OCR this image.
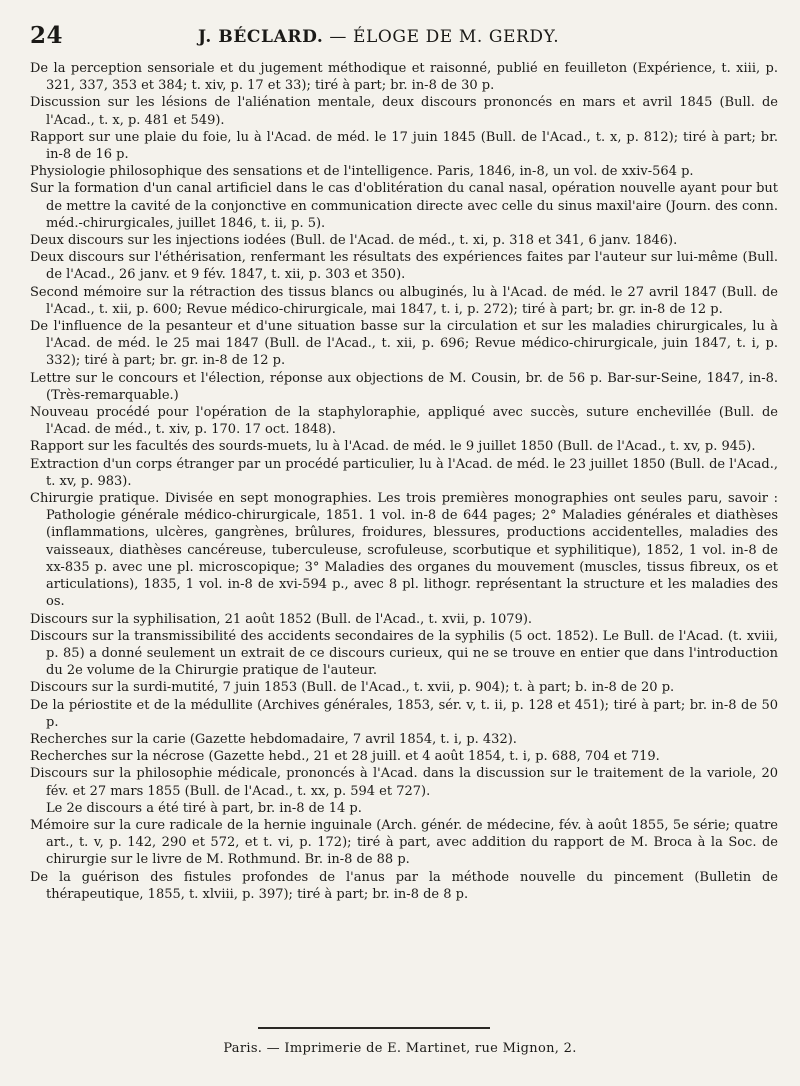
24	J. BÉCLARD. — ÉLOGE DE M. GERDY.

De la perception sensoriale et du jugement méthodique et raisonné, publié en feuilleton (Expérience, t. xiii, p. 321, 337, 353 et 384; t. xiv, p. 17 et 33); tiré à part; br. in-8 de 30 p.

Discussion sur les lésions de l'aliénation mentale, deux discours prononcés en mars et avril 1845 (Bull. de l'Acad., t. x, p. 481 et 549).

Rapport sur une plaie du foie, lu à l'Acad. de méd. le 17 juin 1845 (Bull. de l'Acad., t. x, p. 812); tiré à part; br. in-8 de 16 p.

Physiologie philosophique des sensations et de l'intelligence. Paris, 1846, in-8, un vol. de xxiv-564 p.

Sur la formation d'un canal artificiel dans le cas d'oblitération du canal nasal, opération nouvelle ayant pour but de mettre la cavité de la conjonctive en communication directe avec celle du sinus maxil'aire (Journ. des conn. méd.-chirurgicales, juillet 1846, t. ii, p. 5).

Deux discours sur les injections iodées (Bull. de l'Acad. de méd., t. xi, p. 318 et 341, 6 janv. 1846).

Deux discours sur l'éthérisation, renfermant les résultats des expériences faites par l'auteur sur lui-même (Bull. de l'Acad., 26 janv. et 9 fév. 1847, t. xii, p. 303 et 350).

Second mémoire sur la rétraction des tissus blancs ou albuginés, lu à l'Acad. de méd. le 27 avril 1847 (Bull. de l'Acad., t. xii, p. 600; Revue médico-chirurgicale, mai 1847, t. i, p. 272); tiré à part; br. gr. in-8 de 12 p.

De l'influence de la pesanteur et d'une situation basse sur la circulation et sur les maladies chirurgicales, lu à l'Acad. de méd. le 25 mai 1847 (Bull. de l'Acad., t. xii, p. 696; Revue médico-chirurgicale, juin 1847, t. i, p. 332); tiré à part; br. gr. in-8 de 12 p.

Lettre sur le concours et l'élection, réponse aux objections de M. Cousin, br. de 56 p. Bar-sur-Seine, 1847, in-8. (Très-remarquable.)

Nouveau procédé pour l'opération de la staphyloraphie, appliqué avec succès, suture enchevillée (Bull. de l'Acad. de méd., t. xiv, p. 170. 17 oct. 1848).

Rapport sur les facultés des sourds-muets, lu à l'Acad. de méd. le 9 juillet 1850 (Bull. de l'Acad., t. xv, p. 945).

Extraction d'un corps étranger par un procédé particulier, lu à l'Acad. de méd. le 23 juillet 1850 (Bull. de l'Acad., t. xv, p. 983).

Chirurgie pratique. Divisée en sept monographies. Les trois premières monographies ont seules paru, savoir : Pathologie générale médico-chirurgicale, 1851. 1 vol. in-8 de 644 pages; 2° Maladies générales et diathèses (inflammations, ulcères, gangrènes, brûlures, froidures, blessures, productions accidentelles, maladies des vaisseaux, diathèses cancéreuse, tuberculeuse, scrofuleuse, scorbutique et syphilitique), 1852, 1 vol. in-8 de xx-835 p. avec une pl. microscopique; 3° Maladies des organes du mouvement (muscles, tissus fibreux, os et articulations), 1835, 1 vol. in-8 de xvi-594 p., avec 8 pl. lithogr. représentant la structure et les maladies des os.

Discours sur la syphilisation, 21 août 1852 (Bull. de l'Acad., t. xvii, p. 1079).

Discours sur la transmissibilité des accidents secondaires de la syphilis (5 oct. 1852). Le Bull. de l'Acad. (t. xviii, p. 85) a donné seulement un extrait de ce discours curieux, qui ne se trouve en entier que dans l'introduction du 2e volume de la Chirurgie pratique de l'auteur.

Discours sur la surdi-mutité, 7 juin 1853 (Bull. de l'Acad., t. xvii, p. 904); t. à part; b. in-8 de 20 p.

De la périostite et de la médullite (Archives générales, 1853, sér. v, t. ii, p. 128 et 451); tiré à part; br. in-8 de 50 p.

Recherches sur la carie (Gazette hebdomadaire, 7 avril 1854, t. i, p. 432).

Recherches sur la nécrose (Gazette hebd., 21 et 28 juill. et 4 août 1854, t. i, p. 688, 704 et 719.

Discours sur la philosophie médicale, prononcés à l'Acad. dans la discussion sur le traitement de la variole, 20 fév. et 27 mars 1855 (Bull. de l'Acad., t. xx, p. 594 et 727).

Le 2e discours a été tiré à part, br. in-8 de 14 p.

Mémoire sur la cure radicale de la hernie inguinale (Arch. génér. de médecine, fév. à août 1855, 5e série; quatre art., t. v, p. 142, 290 et 572, et t. vi, p. 172); tiré à part, avec addition du rapport de M. Broca à la Soc. de chirurgie sur le livre de M. Rothmund. Br. in-8 de 88 p.

De la guérison des fistules profondes de l'anus par la méthode nouvelle du pincement (Bulletin de thérapeutique, 1855, t. xlviii, p. 397); tiré à part; br. in-8 de 8 p.

Paris. — Imprimerie de E. Martinet, rue Mignon, 2.
